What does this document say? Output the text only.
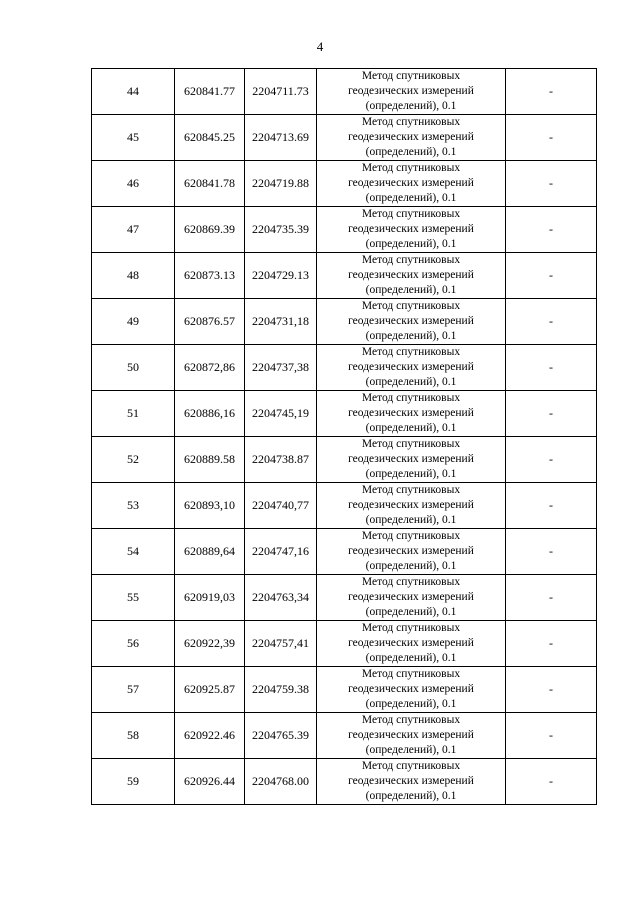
4
44	620841.77	2204711.73	Метод спутниковых
геодезических измерений
(определений), 0.1	-
45	620845.25	2204713.69	Метод спутниковых
геодезических измерений
(определений), 0.1	-
46	620841.78	2204719.88	Метод спутниковых
геодезических измерений
(определений), 0.1	-
47	620869.39	2204735.39	Метод спутниковых
геодезических измерений
(определений), 0.1	-
48	620873.13	2204729.13	Метод спутниковых
геодезических измерений
(определений), 0.1	-
49	620876.57	2204731,18	Метод спутниковых
геодезических измерений
(определений), 0.1	-
50	620872,86	2204737,38	Метод спутниковых
геодезических измерений
(определений), 0.1	-
51	620886,16	2204745,19	Метод спутниковых
геодезических измерений
(определений), 0.1	-
52	620889.58	2204738.87	Метод спутниковых
геодезических измерений
(определений), 0.1	-
53	620893,10	2204740,77	Метод спутниковых
геодезических измерений
(определений), 0.1	-
54	620889,64	2204747,16	Метод спутниковых
геодезических измерений
(определений), 0.1	-
55	620919,03	2204763,34	Метод спутниковых
геодезических измерений
(определений), 0.1	-
56	620922,39	2204757,41	Метод спутниковых
геодезических измерений
(определений), 0.1	-
57	620925.87	2204759.38	Метод спутниковых
геодезических измерений
(определений), 0.1	-
58	620922.46	2204765.39	Метод спутниковых
геодезических измерений
(определений), 0.1	-
59	620926.44	2204768.00	Метод спутниковых
геодезических измерений
(определений), 0.1	-
